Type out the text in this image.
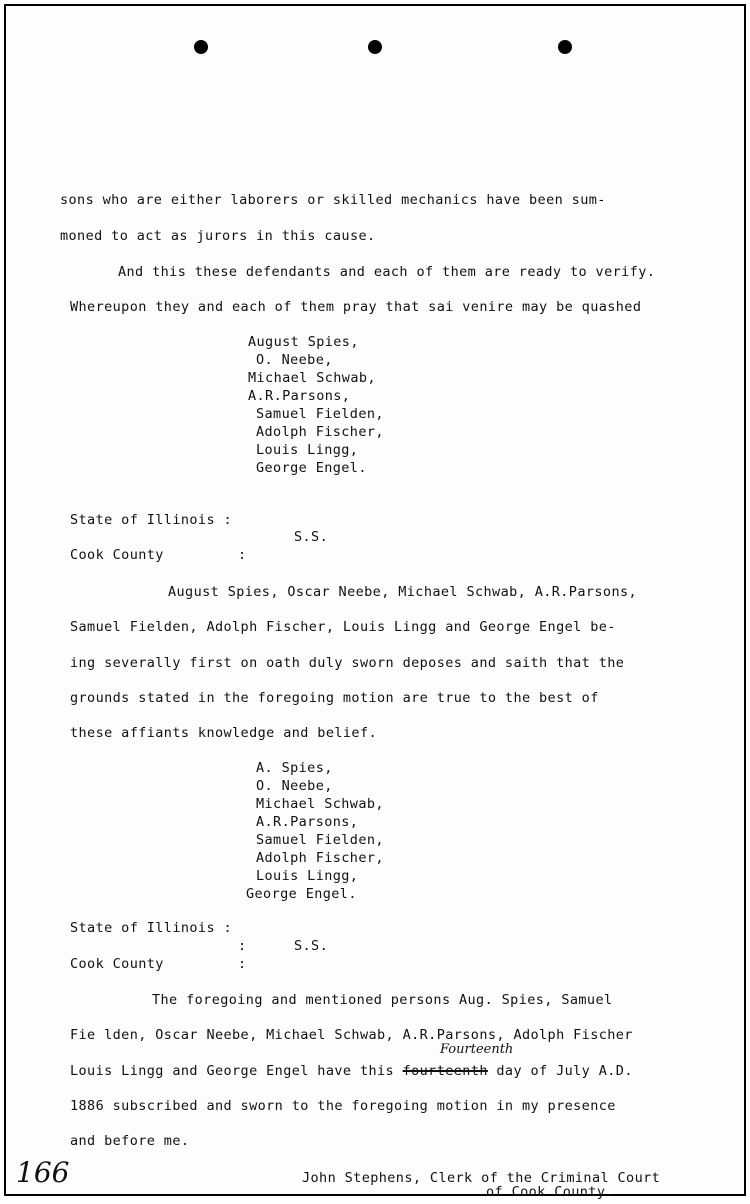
sons who are either laborers or skilled mechanics have been sum-
moned to act as jurors in this cause.
And this these defendants and each of them are ready to verify.
Whereupon they and each of them pray that sai venire may be quashed
August Spies,
O. Neebe,
Michael Schwab,
A.R.Parsons,
Samuel Fielden,
Adolph Fischer,
Louis Lingg,
George Engel.
State of Illinois :
S.S.
Cook County	:
August Spies, Oscar Neebe, Michael Schwab, A.R.Parsons,
Samuel Fielden, Adolph Fischer, Louis Lingg and George Engel be-
ing severally first on oath duly sworn deposes and saith that the
grounds stated in the foregoing motion are true to the best of
these affiants knowledge and belief.
A. Spies,
O. Neebe,
Michael Schwab,
A.R.Parsons,
Samuel Fielden,
Adolph Fischer,
Louis Lingg,
George Engel.
State of Illinois :
:	S.S.
Cook County	:
The foregoing and mentioned persons Aug. Spies, Samuel
Fie lden, Oscar Neebe, Michael Schwab, A.R.Parsons, Adolph Fischer
Louis Lingg and George Engel have this fourteenth day of July A.D.
Fourteenth
1886 subscribed and sworn to the foregoing motion in my presence
and before me.
166	John Stephens, Clerk of the Criminal Court
of Cook County.
